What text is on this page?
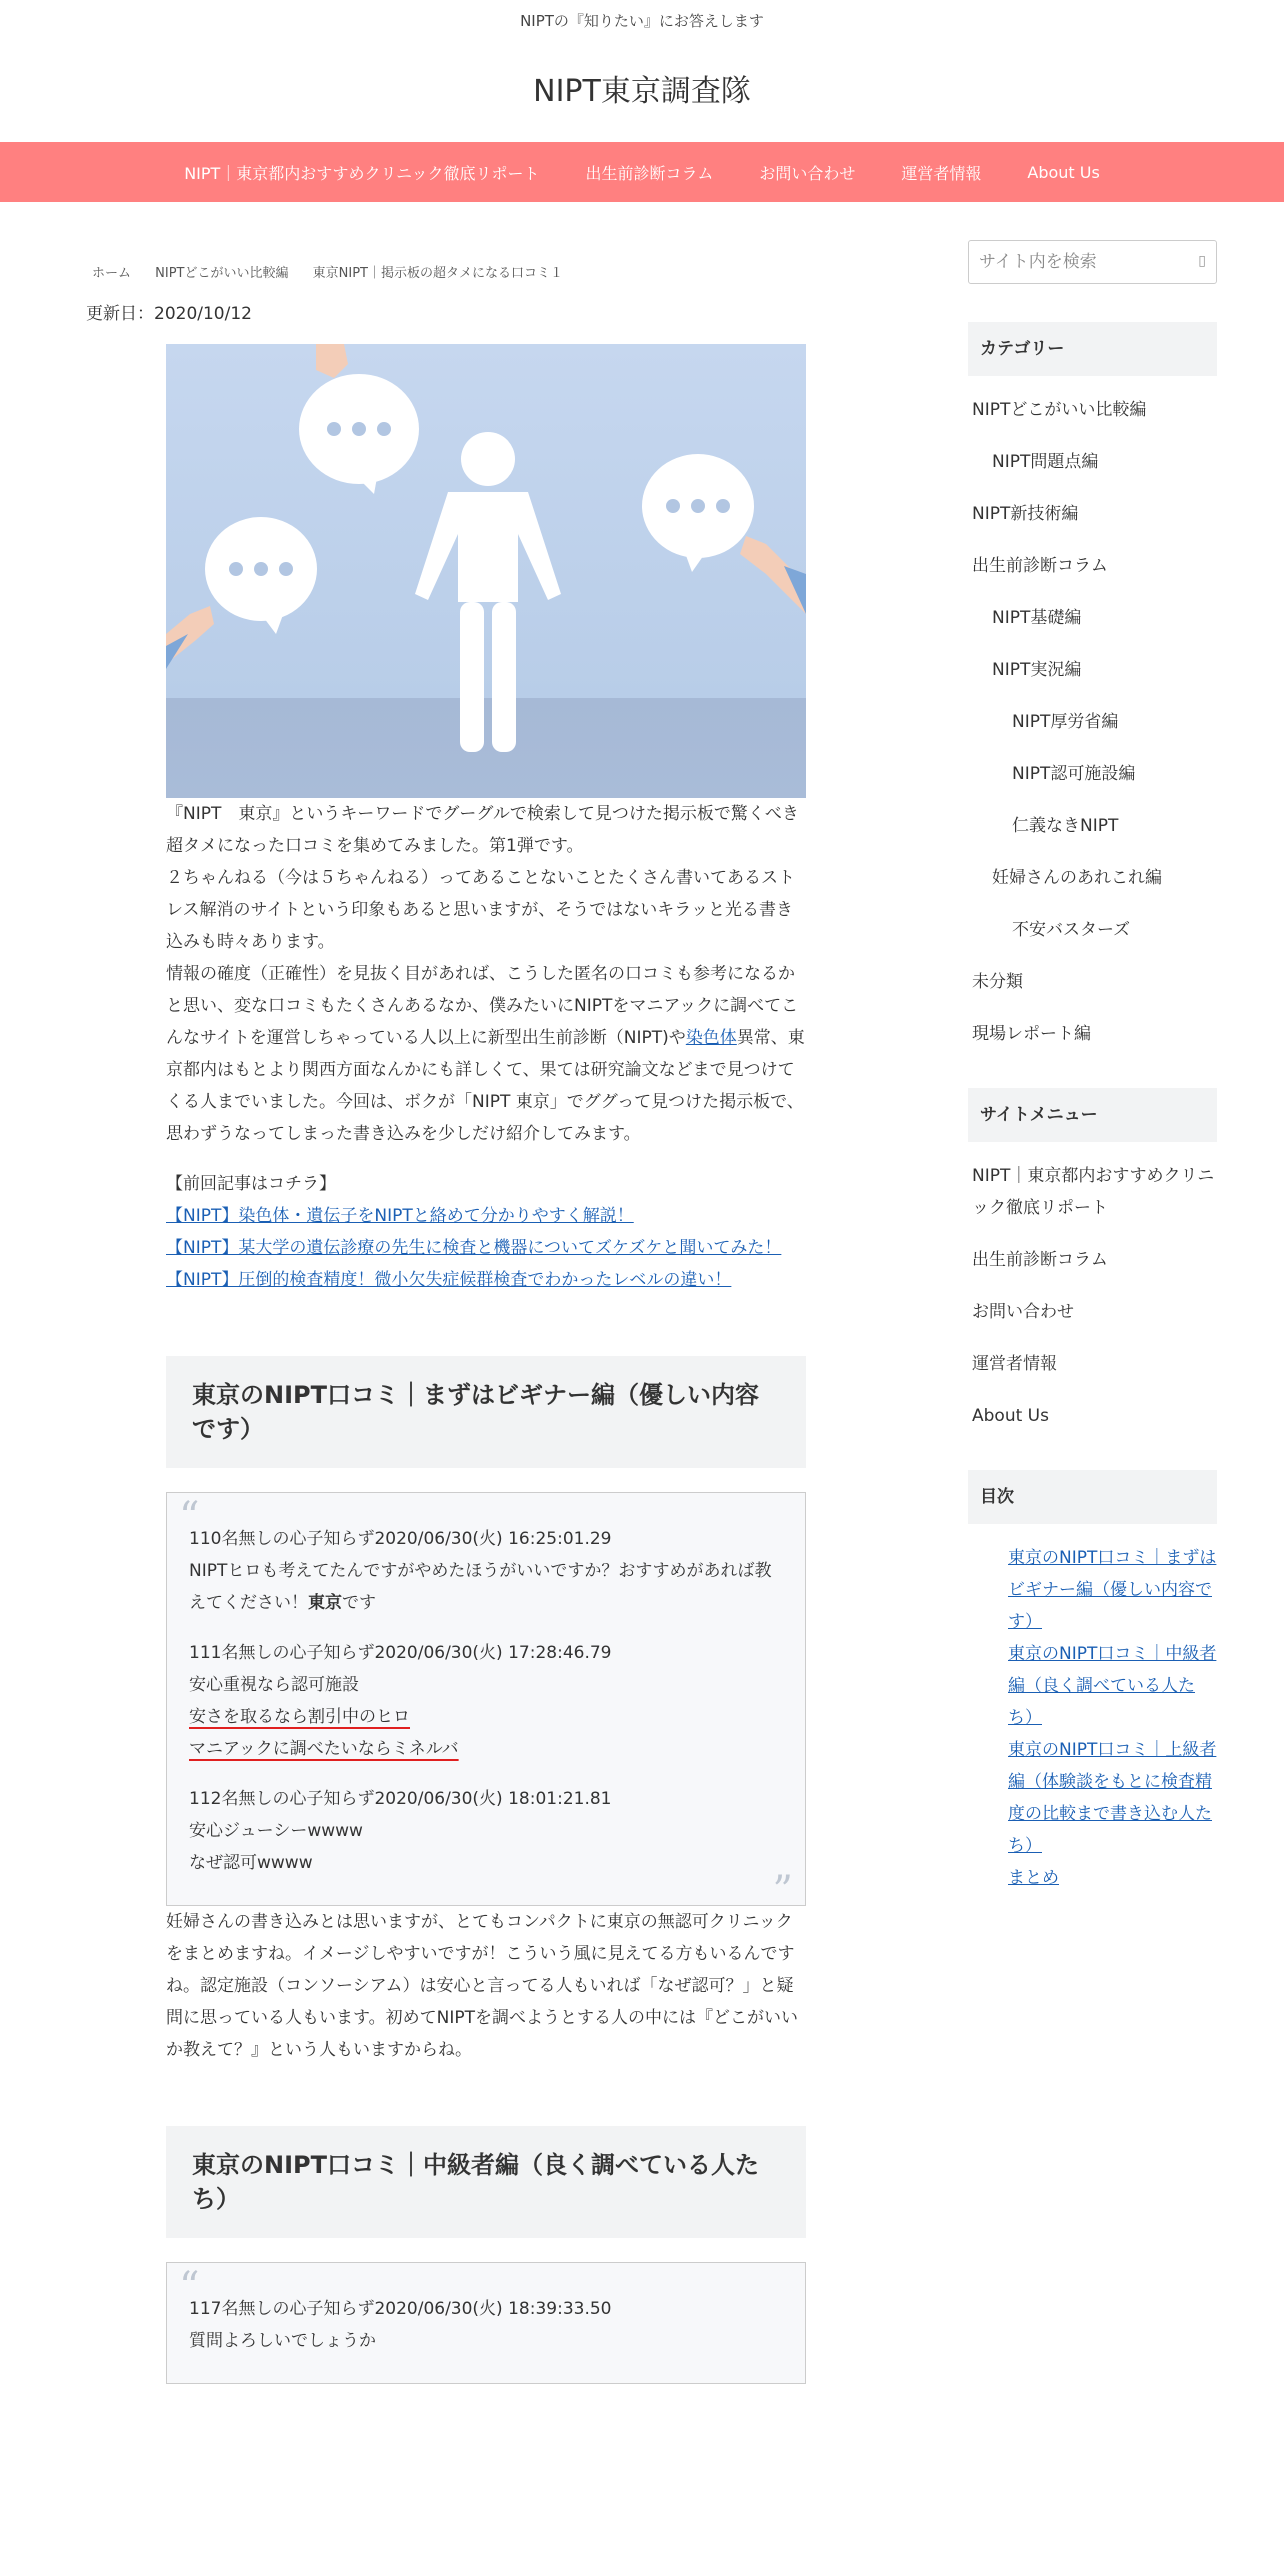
NIPTの『知りたい』にお答えします
NIPT東京調査隊
NIPT｜東京都内おすすめクリニック徹底リポート	出生前診断コラム	お問い合わせ	運営者情報	About Us
ホーム NIPTどこがいい比較編 東京NIPT｜掲示板の超タメになる口コミ１
更新日：2020/10/12

『NIPT　東京』というキーワードでグーグルで検索して見つけた掲示板で驚くべき超タメになった口コミを集めてみました。第1弾です。

２ちゃんねる（今は５ちゃんねる）ってあることないことたくさん書いてあるストレス解消のサイトという印象もあると思いますが、そうではないキラッと光る書き込みも時々あります。

情報の確度（正確性）を見抜く目があれば、こうした匿名の口コミも参考になるかと思い、変な口コミもたくさんあるなか、僕みたいにNIPTをマニアックに調べてこんなサイトを運営しちゃっている人以上に新型出生前診断（NIPT)や染色体異常、東京都内はもとより関西方面なんかにも詳しくて、果ては研究論文などまで見つけてくる人までいました。今回は、ボクが「NIPT 東京」でググって見つけた掲示板で、思わずうなってしまった書き込みを少しだけ紹介してみます。

【前回記事はコチラ】
【NIPT】染色体・遺伝子をNIPTと絡めて分かりやすく解説！
【NIPT】某大学の遺伝診療の先生に検査と機器についてズケズケと聞いてみた！
【NIPT】圧倒的検査精度！微小欠失症候群検査でわかったレベルの違い！
東京のNIPT口コミ｜まずはビギナー編（優しい内容です）
“
110名無しの心子知らず2020/06/30(火) 16:25:01.29
NIPTヒロも考えてたんですがやめたほうがいいですか？おすすめがあれば教えてください！東京です
111名無しの心子知らず2020/06/30(火) 17:28:46.79
安心重視なら認可施設
安さを取るなら割引中のヒロ
マニアックに調べたいならミネルバ
112名無しの心子知らず2020/06/30(火) 18:01:21.81
安心ジューシーwwww
なぜ認可wwww
”

妊婦さんの書き込みとは思いますが、とてもコンパクトに東京の無認可クリニックをまとめますね。イメージしやすいですが！こういう風に見えてる方もいるんですね。認定施設（コンソーシアム）は安心と言ってる人もいれば「なぜ認可？」と疑問に思っている人もいます。初めてNIPTを調べようとする人の中には『どこがいいか教えて？』という人もいますからね。

東京のNIPT口コミ｜中級者編（良く調べている人たち）
“
117名無しの心子知らず2020/06/30(火) 18:39:33.50
質問よろしいでしょうか
サイト内を検索
▯
カテゴリー
NIPTどこがいい比較編
NIPT問題点編
NIPT新技術編
出生前診断コラム
NIPT基礎編
NIPT実況編
NIPT厚労省編
NIPT認可施設編
仁義なきNIPT
妊婦さんのあれこれ編
不安バスターズ
未分類
現場レポート編
サイトメニュー
NIPT｜東京都内おすすめクリニック徹底リポート
出生前診断コラム
お問い合わせ
運営者情報
About Us
目次
東京のNIPT口コミ｜まずはビギナー編（優しい内容です）
東京のNIPT口コミ｜中級者編（良く調べている人たち）
東京のNIPT口コミ｜上級者編（体験談をもとに検査精度の比較まで書き込む人たち）
まとめ
